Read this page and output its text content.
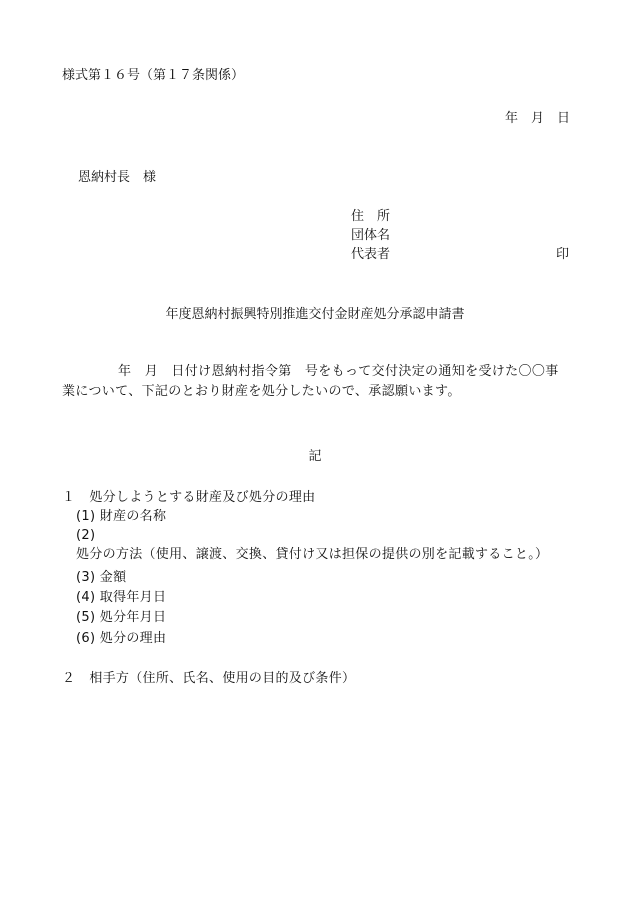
様式第１６号（第１７条関係）
年　月　日
恩納村長　様
住　所
団体名
代表者	印
年度恩納村振興特別推進交付金財産処分承認申請書
年　月　日付け恩納村指令第　号をもって交付決定の通知を受けた〇〇事業について、下記のとおり財産を処分したいので、承認願います。
記
１ 処分しようとする財産及び処分の理由
(1) 財産の名称
(2) 処分の方法（使用、譲渡、交換、貸付け又は担保の提供の別を記載すること。）
(3) 金額
(4) 取得年月日
(5) 処分年月日
(6) 処分の理由
２ 相手方（住所、氏名、使用の目的及び条件）
